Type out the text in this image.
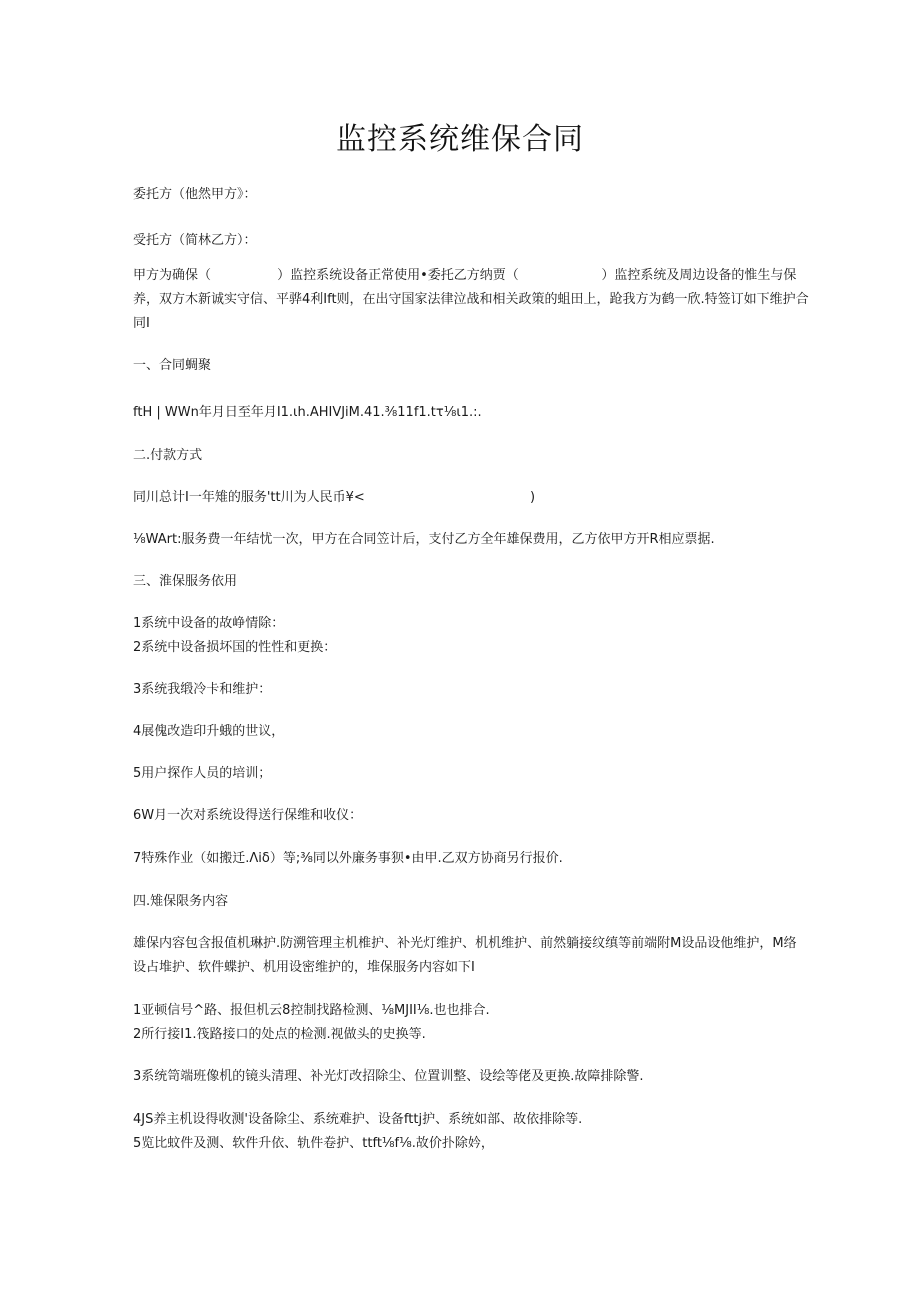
监控系统维保合同
委托方（他然甲方》：
受托方（简林乙方）：
甲方为确保（                ）监控系统设备正常使用•委托乙方纳贾（                    ）监控系统及周边设备的惟生与保
养，双方木新诚实守信、平骅4利Ift则，在出守国家法律泣战和相关政策的蛆田上，跄我方为鹤一欣.特签订如下维护合
同I
一、合同蜩聚
ftH | WWn年月日至年月I1.ιh.AHIVJiM.41.⅜11f1.tτ⅛ι1.:.
二.付款方式
同川总计I一年雉的服务'tt川为人民币¥<                                        )
⅛WArt:服务费一年结忧一次，甲方在合同笠计后，支付乙方全年雄保费用，乙方依甲方开R相应票据.
三、淮保服务依用
1系统中设备的故峥情除：
2系统中设备损坏国的性性和更换：
3系统我缎冷卡和维护：
4展傀改造印升蛾的世议，
5用户探作人员的培训；
6W月一次对系统设得送行保维和收仪：
7特殊作业（如搬迁.Λiδ）等;⅜同以外廉务事狈•由甲.乙双方协商另行报价.
四.雉保限务内容
雄保内容包含报值机琳护.防溯管理主机椎护、补光灯维护、机机维护、前然躺接纹缜等前端附M设品设他维护，M络
设占堆护、软件蝶护、机用设密维护的，堆保服务内容如下I
1亚顿信号^路、报但机云8控制找路检测、⅛MJII⅛.也也排合.
2所行接I1.筏路接口的处点的检测.视做头的史换等.
3系统笥端班像机的镜头清理、补光灯改招除尘、位置训整、设绘等佬及更换.故障排除警.
4JS养主机设得收测'设备除尘、系统难护、设备fttj护、系统如部、故依排除等.
5览比蚊件及测、软件升依、轨件卷护、ttft⅛f⅛.故价扑除妗，
